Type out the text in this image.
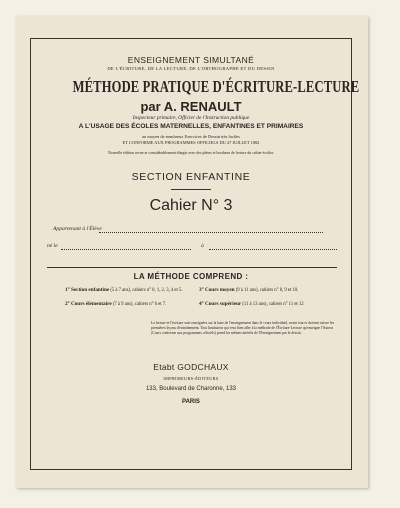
ENSEIGNEMENT SIMULTANÉ
DE L'ÉCRITURE, DE LA LECTURE, DE L'ORTHOGRAPHE ET DU DESSIN
MÉTHODE PRATIQUE D'ÉCRITURE-LECTURE
par A. RENAULT
Inspecteur primaire, Officier de l'Instruction publique
A L'USAGE DES ÉCOLES MATERNELLES, ENFANTINES ET PRIMAIRES
au moyen de nombreux Exercices de Dessin très faciles
ET CONFORME AUX PROGRAMMES OFFICIELS DU 27 JUILLET 1882
Nouvelle édition revue et considérablement élargie avec des pleins et bordures de lecture du cahier écolier.
SECTION ENFANTINE
Cahier N° 3
Appartenant à l'Élève
né le	à
LA MÉTHODE COMPREND :
1° Section enfantine (5 à 7 ans), cahiers n° 0, 1, 2, 3, 4 et 5.
2° Cours élémentaire (7 à 9 ans), cahiers n° 6 et 7.
3° Cours moyen (9 à 11 ans), cahiers n° 8, 9 et 10.
4° Cours supérieur (11 à 13 ans), cahiers n° 11 et 12
La lecture et l'écriture sont enseignées sur la base de l'enseignement dans le cours individuel, avant tout et doivent suivre les premières leçons d'entraînement. Tout Instituteur qui veut bien aller à la méthode de l'Écriture-Lecture qu'enseigne l'Auteur (Cours conforme aux programmes officiels) prend les mêmes intérêts de l'Enseignement par le dessin.
Etabt GODCHAUX
IMPRIMEURS-ÉDITEURS
133, Boulevard de Charonne, 133
PARIS
